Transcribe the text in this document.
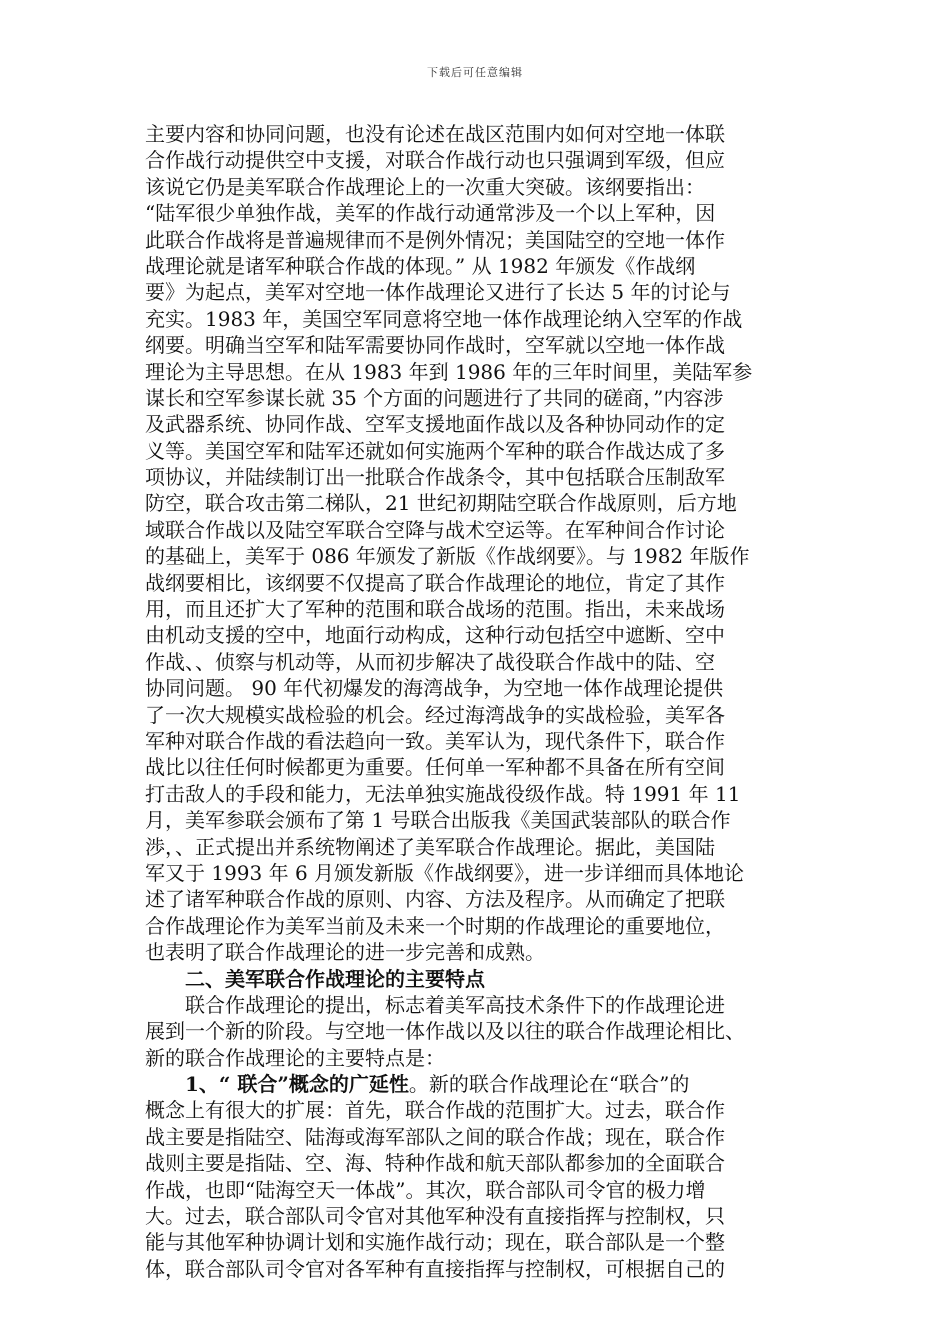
下载后可任意编辑
主要内容和协同问题，也没有论述在战区范围内如何对空地一体联
合作战行动提供空中支援，对联合作战行动也只强调到军级，但应
该说它仍是美军联合作战理论上的一次重大突破。该纲要指出：
“陆军很少单独作战，美军的作战行动通常涉及一个以上军种，因
此联合作战将是普遍规律而不是例外情况；美国陆空的空地一体作
战理论就是诸军种联合作战的体现。” 从 1982 年颁发《作战纲
要》为起点，美军对空地一体作战理论又进行了长达 5 年的讨论与
充实。1983 年，美国空军同意将空地一体作战理论纳入空军的作战
纲要。明确当空军和陆军需要协同作战时，空军就以空地一体作战
理论为主导思想。在从 1983 年到 1986 年的三年时间里，美陆军参
谋长和空军参谋长就 35 个方面的问题进行了共同的磋商，”内容涉
及武器系统、协同作战、空军支援地面作战以及各种协同动作的定
义等。美国空军和陆军还就如何实施两个军种的联合作战达成了多
项协议，并陆续制订出一批联合作战条令，其中包括联合压制敌军
防空，联合攻击第二梯队，21 世纪初期陆空联合作战原则，后方地
域联合作战以及陆空军联合空降与战术空运等。在军种间合作讨论
的基础上，美军于 086 年颁发了新版《作战纲要》。与 1982 年版作
战纲要相比，该纲要不仅提高了联合作战理论的地位，肯定了其作
用，而且还扩大了军种的范围和联合战场的范围。指出，未来战场
由机动支援的空中，地面行动构成，这种行动包括空中遮断、空中
作战、、侦察与机动等，从而初步解决了战役联合作战中的陆、空
协同问题。 90 年代初爆发的海湾战争，为空地一体作战理论提供
了一次大规模实战检验的机会。经过海湾战争的实战检验，美军各
军种对联合作战的看法趋向一致。美军认为，现代条件下，联合作
战比以往任何时候都更为重要。任何单一军种都不具备在所有空间
打击敌人的手段和能力，无法单独实施战役级作战。特 1991 年 11
月，美军参联会颁布了第 1 号联合出版我《美国武装部队的联合作
渉，、正式提出并系统物阐述了美军联合作战理论。据此，美国陆
军又于 1993 年 6 月颁发新版《作战纲要》，进一步详细而具体地论
述了诸军种联合作战的原则、内容、方法及程序。从而确定了把联
合作战理论作为美军当前及未来一个时期的作战理论的重要地位，
也表明了联合作战理论的进一步完善和成熟。
二、美军联合作战理论的主要特点
联合作战理论的提出，标志着美军高技术条件下的作战理论进
展到一个新的阶段。与空地一体作战以及以往的联合作战理论相比、
新的联合作战理论的主要特点是：
1、“ 联合”概念的广延性。新的联合作战理论在“联合”的
概念上有很大的扩展：首先，联合作战的范围扩大。过去，联合作
战主要是指陆空、陆海或海军部队之间的联合作战；现在，联合作
战则主要是指陆、空、海、特种作战和航天部队都参加的全面联合
作战，也即“陆海空天一体战”。其次，联合部队司令官的极力增
大。过去，联合部队司令官对其他军种没有直接指挥与控制权，只
能与其他军种协调计划和实施作战行动；现在，联合部队是一个整
体，联合部队司令官对各军种有直接指挥与控制权，可根据自己的
